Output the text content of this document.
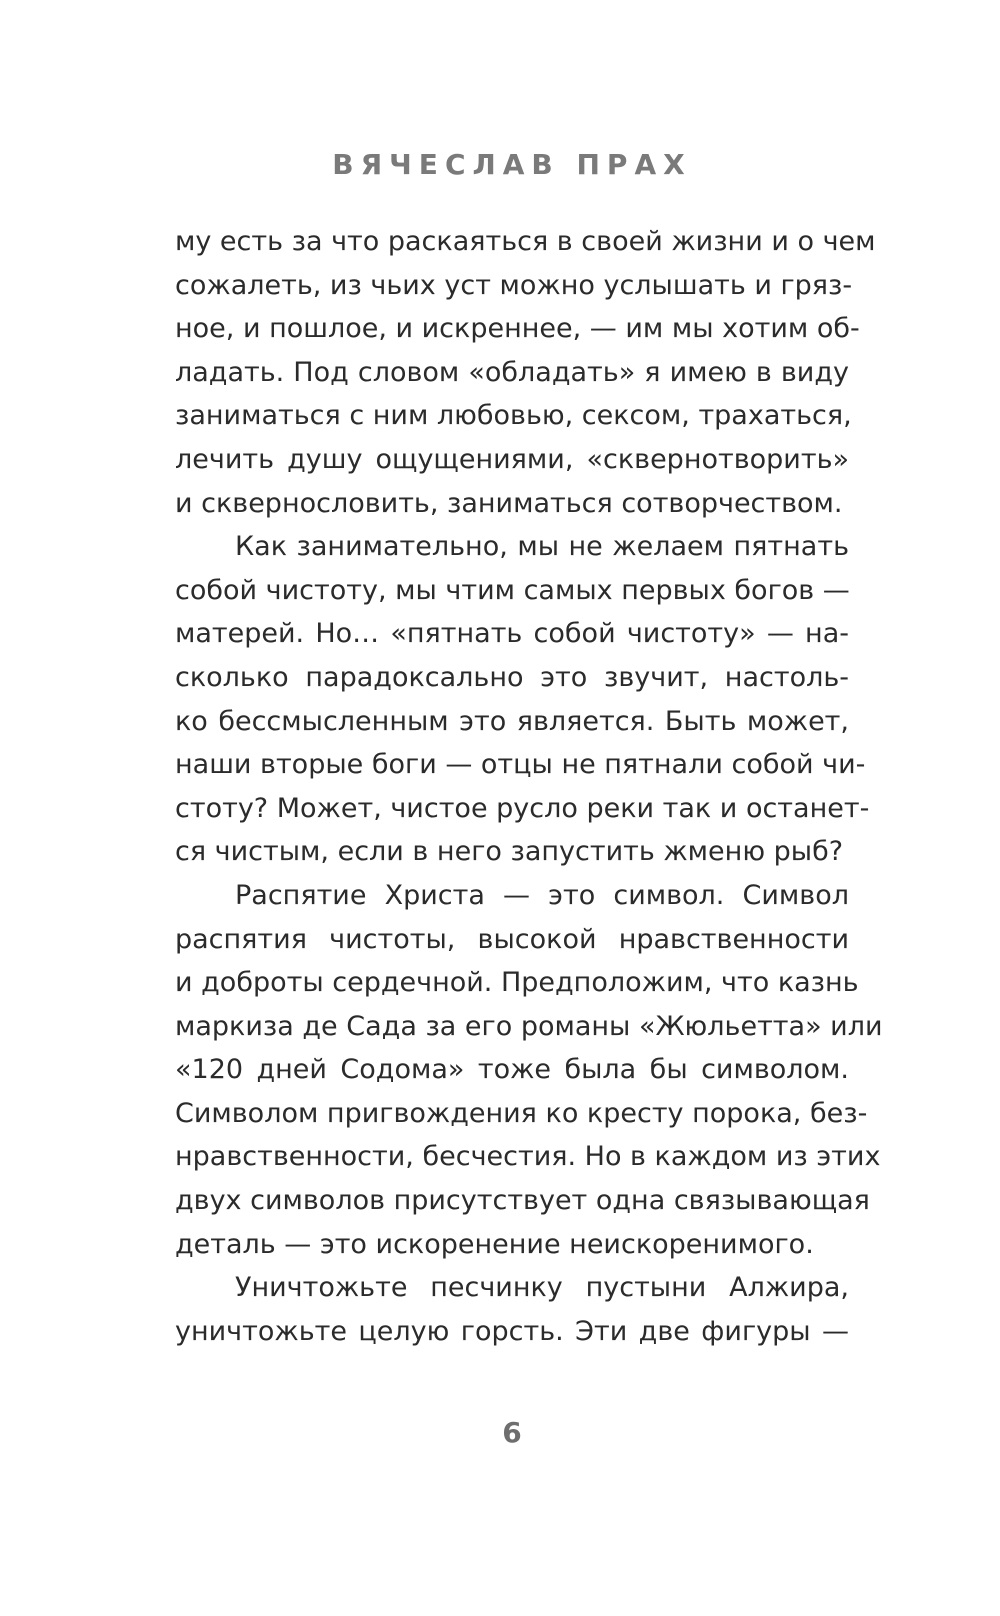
ВЯЧЕСЛАВ ПРАХ
му есть за что раскаяться в своей жизни и о чем
сожалеть, из чьих уст можно услышать и гряз-
ное, и пошлое, и искреннее, — им мы хотим об-
ладать. Под словом «обладать» я имею в виду
заниматься с ним любовью, сексом, трахаться,
лечить душу ощущениями, «сквернотворить»
и сквернословить, заниматься сотворчеством.
Как занимательно, мы не желаем пятнать
собой чистоту, мы чтим самых первых богов —
матерей. Но… «пятнать собой чистоту» — на-
сколько парадоксально это звучит, настоль-
ко бессмысленным это является. Быть может,
наши вторые боги — отцы не пятнали собой чи-
стоту? Может, чистое русло реки так и останет-
ся чистым, если в него запустить жменю рыб?
Распятие Христа — это символ. Символ
распятия чистоты, высокой нравственности
и доброты сердечной. Предположим, что казнь
маркиза де Сада за его романы «Жюльетта» или
«120 дней Содома» тоже была бы символом.
Символом пригвождения ко кресту порока, без-
нравственности, бесчестия. Но в каждом из этих
двух символов присутствует одна связывающая
деталь — это искоренение неискоренимого.
Уничтожьте песчинку пустыни Алжира,
уничтожьте целую горсть. Эти две фигуры —
6
